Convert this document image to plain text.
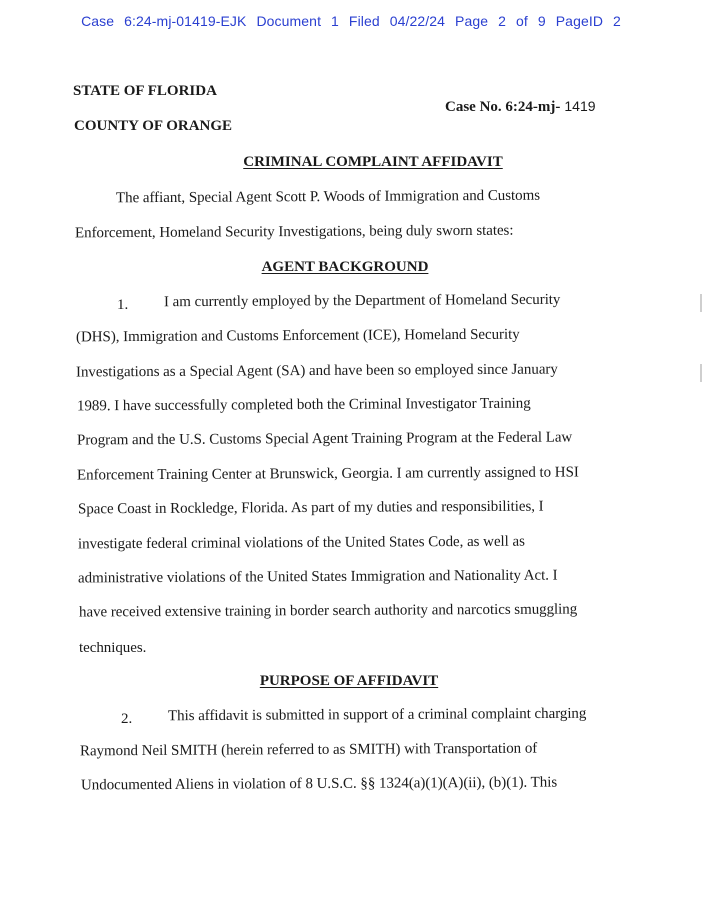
Case 6:24-mj-01419-EJK Document 1 Filed 04/22/24 Page 2 of 9 PageID 2
STATE OF FLORIDA
COUNTY OF ORANGE
Case No. 6:24-mj- 1419
CRIMINAL COMPLAINT AFFIDAVIT
The affiant, Special Agent Scott P. Woods of Immigration and Customs
Enforcement, Homeland Security Investigations, being duly sworn states:
AGENT BACKGROUND
1. I am currently employed by the Department of Homeland Security
(DHS), Immigration and Customs Enforcement (ICE), Homeland Security
Investigations as a Special Agent (SA) and have been so employed since January
1989. I have successfully completed both the Criminal Investigator Training
Program and the U.S. Customs Special Agent Training Program at the Federal Law
Enforcement Training Center at Brunswick, Georgia. I am currently assigned to HSI
Space Coast in Rockledge, Florida. As part of my duties and responsibilities, I
investigate federal criminal violations of the United States Code, as well as
administrative violations of the United States Immigration and Nationality Act. I
have received extensive training in border search authority and narcotics smuggling
techniques.
PURPOSE OF AFFIDAVIT
2. This affidavit is submitted in support of a criminal complaint charging
Raymond Neil SMITH (herein referred to as SMITH) with Transportation of
Undocumented Aliens in violation of 8 U.S.C. §§ 1324(a)(1)(A)(ii), (b)(1). This
